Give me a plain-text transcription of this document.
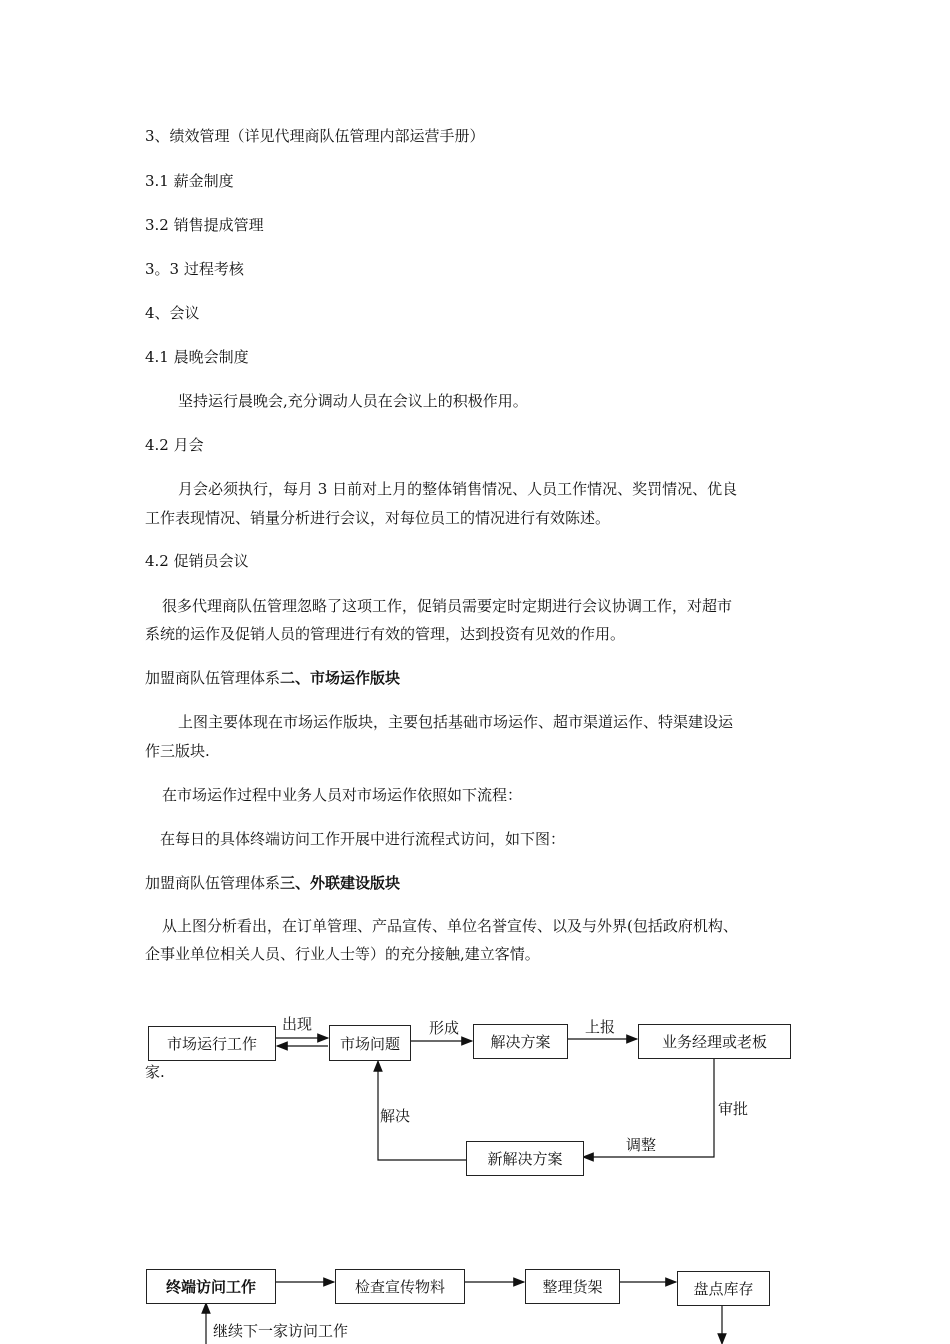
3、绩效管理（详见代理商队伍管理内部运营手册）
3.1 薪金制度
3.2 销售提成管理
3。3 过程考核
4、会议
4.1 晨晚会制度
坚持运行晨晚会,充分调动人员在会议上的积极作用。
4.2 月会
月会必须执行，每月 3 日前对上月的整体销售情况、人员工作情况、奖罚情况、优良
工作表现情况、销量分析进行会议，对每位员工的情况进行有效陈述。
4.2 促销员会议
很多代理商队伍管理忽略了这项工作，促销员需要定时定期进行会议协调工作，对超市
系统的运作及促销人员的管理进行有效的管理，达到投资有见效的作用。
加盟商队伍管理体系二、市场运作版块
上图主要体现在市场运作版块，主要包括基础市场运作、超市渠道运作、特渠建设运
作三版块.
在市场运作过程中业务人员对市场运作依照如下流程：
在每日的具体终端访问工作开展中进行流程式访问，如下图：
加盟商队伍管理体系三、外联建设版块
从上图分析看出，在订单管理、产品宣传、单位名誉宣传、以及与外界(包括政府机构、
企事业单位相关人员、行业人士等）的充分接触,建立客情。
家.
市场运行工作	市场问题	解决方案	业务经理或老板
新解决方案
出现	形成	上报
审批
调整
解决
终端访问工作	检查宣传物料	整理货架	盘点库存
继续下一家访问工作
